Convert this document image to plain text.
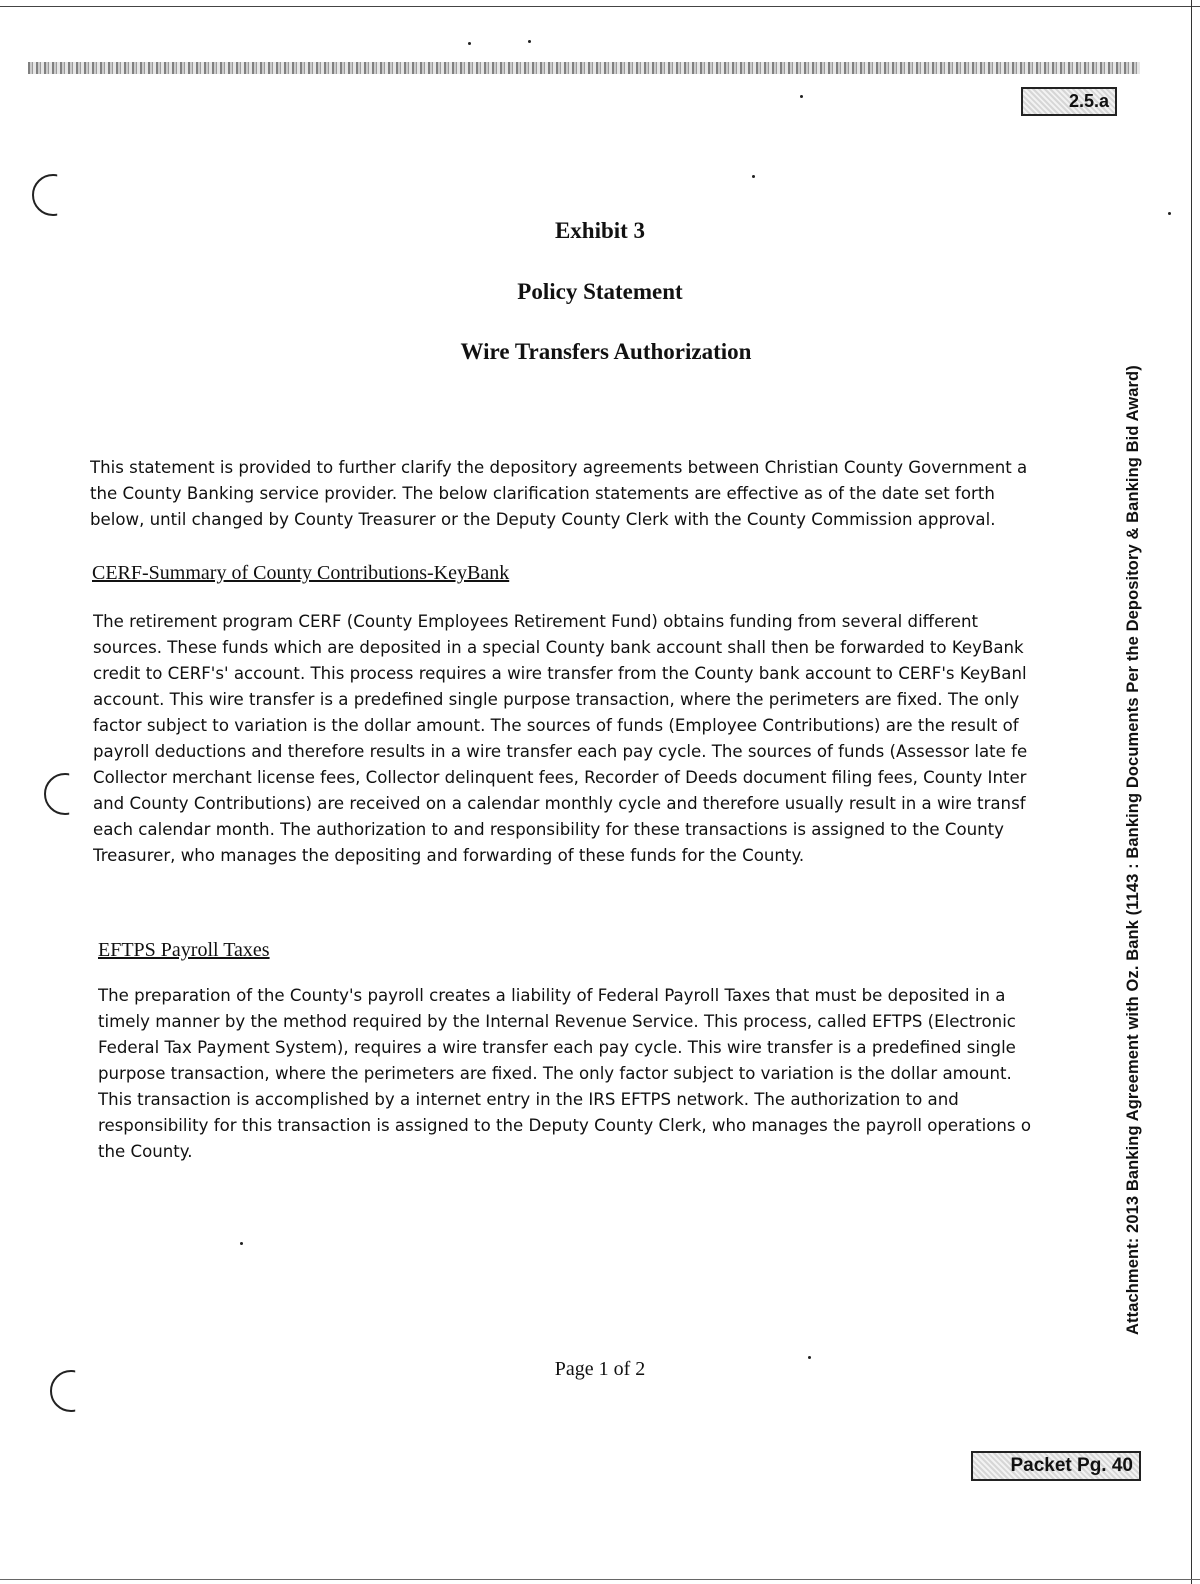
2.5.a
Attachment: 2013 Banking Agreement with Oz. Bank (1143 : Banking Documents Per the Depository & Banking Bid Award)
Exhibit 3
Policy Statement
Wire Transfers Authorization
This statement is provided to further clarify the depository agreements between Christian County Government a
the County Banking service provider. The below clarification statements are effective as of the date set forth
below, until changed by County Treasurer or the Deputy County Clerk with the County Commission approval.
CERF-Summary of County Contributions-KeyBank
The retirement program CERF (County Employees Retirement Fund) obtains funding from several different
sources. These funds which are deposited in a special County bank account shall then be forwarded to KeyBank
credit to CERF's' account. This process requires a wire transfer from the County bank account to CERF's KeyBanl
account. This wire transfer is a predefined single purpose transaction, where the perimeters are fixed. The only
factor subject to variation is the dollar amount. The sources of funds (Employee Contributions) are the result of
payroll deductions and therefore results in a wire transfer each pay cycle. The sources of funds (Assessor late fe
Collector merchant license fees, Collector delinquent fees, Recorder of Deeds document filing fees, County Inter
and County Contributions) are received on a calendar monthly cycle and therefore usually result in a wire transf
each calendar month. The authorization to and responsibility for these transactions is assigned to the County
Treasurer, who manages the depositing and forwarding of these funds for the County.
EFTPS Payroll Taxes
The preparation of the County's payroll creates a liability of Federal Payroll Taxes that must be deposited in a
timely manner by the method required by the Internal Revenue Service. This process, called EFTPS (Electronic
Federal Tax Payment System), requires a wire transfer each pay cycle. This wire transfer is a predefined single
purpose transaction, where the perimeters are fixed. The only factor subject to variation is the dollar amount.
This transaction is accomplished by a internet entry in the IRS EFTPS network. The authorization to and
responsibility for this transaction is assigned to the Deputy County Clerk, who manages the payroll operations o
the County.
Page 1 of 2
Packet Pg. 40
